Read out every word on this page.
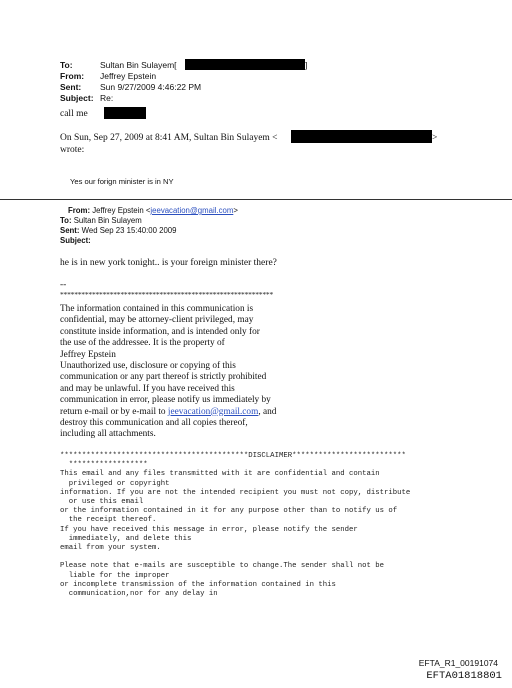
To:	Sultan Bin Sulayem[
From: Jeffrey Epstein
Sent: Sun 9/27/2009 4:46:22 PM
Subject: Re:
]
call me
On Sun, Sep 27, 2009 at 8:41 AM, Sultan Bin Sulayem <	>
wrote:
Yes our forign minister is in NY
From: Jeffrey Epstein <jeevacation@gmail.com>
To: Sultan Bin Sulayem
Sent: Wed Sep 23 15:40:00 2009
Subject:
he is in new york tonight.. is your foreign minister there?
--
************************************************************
The information contained in this communication is
confidential, may be attorney-client privileged, may
constitute inside information, and is intended only for
the use of the addressee. It is the property of
Jeffrey Epstein
Unauthorized use, disclosure or copying of this
communication or any part thereof is strictly prohibited
and may be unlawful. If you have received this
communication in error, please notify us immediately by
return e-mail or by e-mail to jeevacation@gmail.com, and
destroy this communication and all copies thereof,
including all attachments.
*******************************************DISCLAIMER**************************
******************
This email and any files transmitted with it are confidential and contain
privileged or copyright
information. If you are not the intended recipient you must not copy, distribute
or use this email
or the information contained in it for any purpose other than to notify us of
the receipt thereof.
If you have received this message in error, please notify the sender
immediately, and delete this
email from your system.
Please note that e-mails are susceptible to change.The sender shall not be
liable for the improper
or incomplete transmission of the information contained in this
communication,nor for any delay in
EFTA_R1_00191074
EFTA01818801
